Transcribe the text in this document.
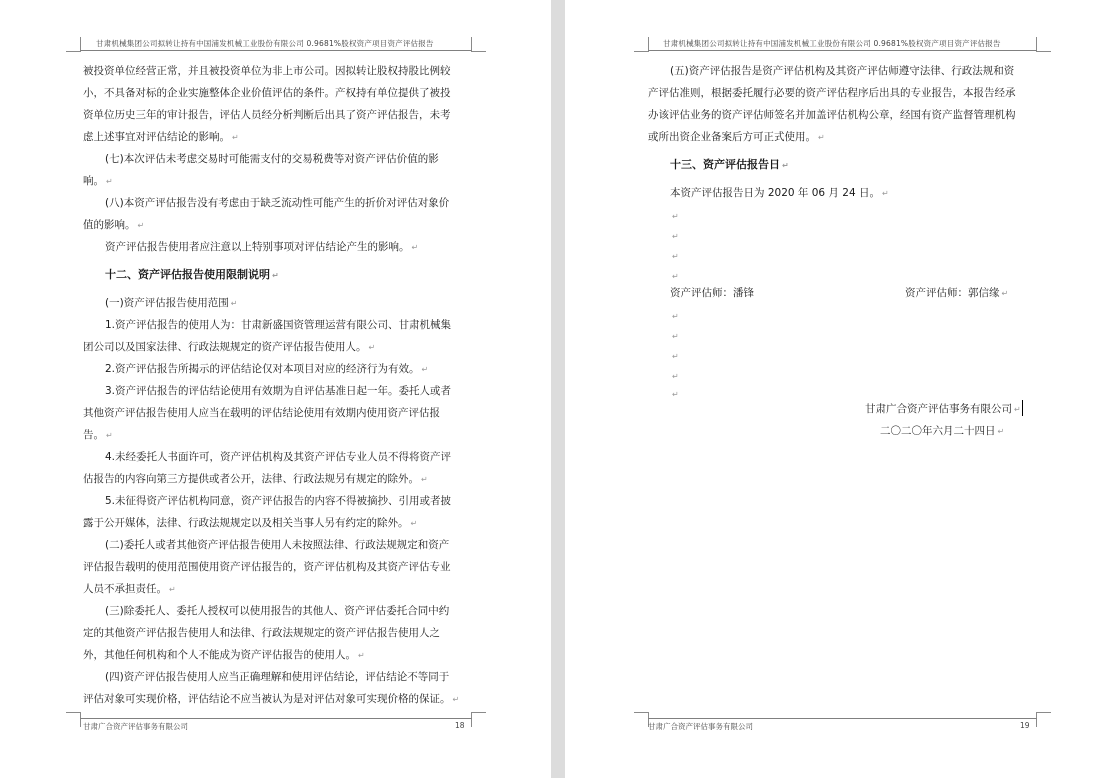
甘肃机械集团公司拟转让持有中国浦发机械工业股份有限公司 0.9681%股权资产项目资产评估报告
甘肃广合资产评估事务有限公司	18
甘肃机械集团公司拟转让持有中国浦发机械工业股份有限公司 0.9681%股权资产项目资产评估报告
甘肃广合资产评估事务有限公司	19
被投资单位经营正常，并且被投资单位为非上市公司。因拟转让股权持股比例较
小，不具备对标的企业实施整体企业价值评估的条件。产权持有单位提供了被投
资单位历史三年的审计报告，评估人员经分析判断后出具了资产评估报告，未考
虑上述事宜对评估结论的影响。 ↵
(七)本次评估未考虑交易时可能需支付的交易税费等对资产评估价值的影
响。 ↵
(八)本资产评估报告没有考虑由于缺乏流动性可能产生的折价对评估对象价
值的影响。 ↵
资产评估报告使用者应注意以上特别事项对评估结论产生的影响。 ↵
十二、资产评估报告使用限制说明 ↵
(一)资产评估报告使用范围 ↵
1.资产评估报告的使用人为：甘肃新盛国资管理运营有限公司、甘肃机械集
团公司以及国家法律、行政法规规定的资产评估报告使用人。 ↵
2.资产评估报告所揭示的评估结论仅对本项目对应的经济行为有效。 ↵
3.资产评估报告的评估结论使用有效期为自评估基准日起一年。委托人或者
其他资产评估报告使用人应当在载明的评估结论使用有效期内使用资产评估报
告。 ↵
4.未经委托人书面许可，资产评估机构及其资产评估专业人员不得将资产评
估报告的内容向第三方提供或者公开，法律、行政法规另有规定的除外。 ↵
5.未征得资产评估机构同意，资产评估报告的内容不得被摘抄、引用或者披
露于公开媒体，法律、行政法规规定以及相关当事人另有约定的除外。 ↵
(二)委托人或者其他资产评估报告使用人未按照法律、行政法规规定和资产
评估报告载明的使用范围使用资产评估报告的，资产评估机构及其资产评估专业
人员不承担责任。 ↵
(三)除委托人、委托人授权可以使用报告的其他人、资产评估委托合同中约
定的其他资产评估报告使用人和法律、行政法规规定的资产评估报告使用人之
外，其他任何机构和个人不能成为资产评估报告的使用人。 ↵
(四)资产评估报告使用人应当正确理解和使用评估结论，评估结论不等同于
评估对象可实现价格，评估结论不应当被认为是对评估对象可实现价格的保证。 ↵
(五)资产评估报告是资产评估机构及其资产评估师遵守法律、行政法规和资
产评估准则，根据委托履行必要的资产评估程序后出具的专业报告，本报告经承
办该评估业务的资产评估师签名并加盖评估机构公章，经国有资产监督管理机构
或所出资企业备案后方可正式使用。 ↵
十三、资产评估报告日 ↵
本资产评估报告日为 2020 年 06 月 24 日。 ↵
资产评估师：潘锋	资产评估师：郭信缘 ↵
甘肃广合资产评估事务有限公司 ↵
二〇二〇年六月二十四日 ↵
↵
↵
↵
↵
↵
↵
↵
↵
↵
